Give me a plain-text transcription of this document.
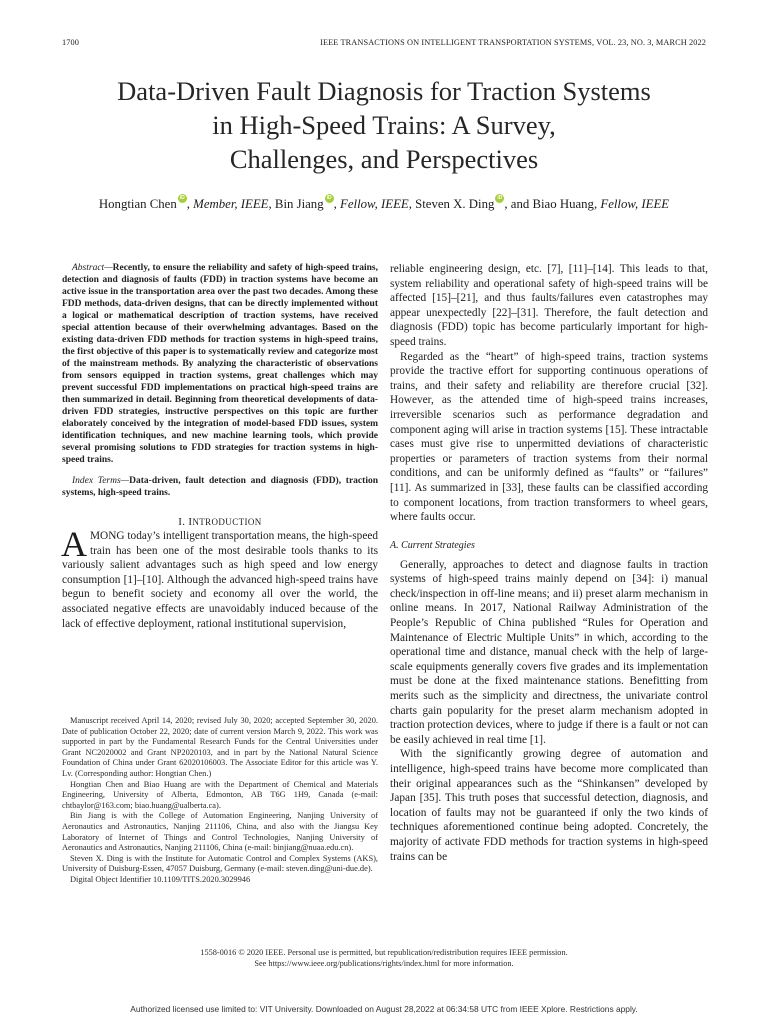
1700	IEEE TRANSACTIONS ON INTELLIGENT TRANSPORTATION SYSTEMS, VOL. 23, NO. 3, MARCH 2022
Data-Driven Fault Diagnosis for Traction Systems
in High-Speed Trains: A Survey,
Challenges, and Perspectives
Hongtian Chen iD , Member, IEEE, Bin Jiang iD , Fellow, IEEE, Steven X. Ding iD , and Biao Huang, Fellow, IEEE

Abstract—Recently, to ensure the reliability and safety of high-speed trains, detection and diagnosis of faults (FDD) in traction systems have become an active issue in the transportation area over the past two decades. Among these FDD methods, data-driven designs, that can be directly implemented without a logical or mathematical description of traction systems, have received special attention because of their overwhelming advantages. Based on the existing data-driven FDD methods for traction systems in high-speed trains, the first objective of this paper is to systematically review and categorize most of the mainstream methods. By analyzing the characteristic of observations from sensors equipped in traction systems, great challenges which may prevent successful FDD implementations on practical high-speed trains are then summarized in detail. Beginning from theoretical developments of data-driven FDD strategies, instructive perspectives on this topic are further elaborately conceived by the integration of model-based FDD issues, system identification techniques, and new machine learning tools, which provide several promising solutions to FDD strategies for traction systems in high-speed trains.

Index Terms—Data-driven, fault detection and diagnosis (FDD), traction systems, high-speed trains.

I. INTRODUCTION

AMONG today’s intelligent transportation means, the high-speed train has been one of the most desirable tools thanks to its variously salient advantages such as high speed and low energy consumption [1]–[10]. Although the advanced high-speed trains have begun to benefit society and economy all over the world, the associated negative effects are unavoidably induced because of the lack of effective deployment, rational institutional supervision,

Manuscript received April 14, 2020; revised July 30, 2020; accepted September 30, 2020. Date of publication October 22, 2020; date of current version March 9, 2022. This work was supported in part by the Fundamental Research Funds for the Central Universities under Grant NC2020002 and Grant NP2020103, and in part by the National Natural Science Foundation of China under Grant 62020106003. The Associate Editor for this article was Y. Lv. (Corresponding author: Hongtian Chen.)

Hongtian Chen and Biao Huang are with the Department of Chemical and Materials Engineering, University of Alberta, Edmonton, AB T6G 1H9, Canada (e-mail: chtbaylor@163.com; biao.huang@ualberta.ca).

Bin Jiang is with the College of Automation Engineering, Nanjing University of Aeronautics and Astronautics, Nanjing 211106, China, and also with the Jiangsu Key Laboratory of Internet of Things and Control Technologies, Nanjing University of Aeronautics and Astronautics, Nanjing 211106, China (e-mail: binjiang@nuaa.edu.cn).

Steven X. Ding is with the Institute for Automatic Control and Complex Systems (AKS), University of Duisburg-Essen, 47057 Duisburg, Germany (e-mail: steven.ding@uni-due.de).

Digital Object Identifier 10.1109/TITS.2020.3029946

reliable engineering design, etc. [7], [11]–[14]. This leads to that, system reliability and operational safety of high-speed trains will be affected [15]–[21], and thus faults/failures even catastrophes may appear unexpectedly [22]–[31]. Therefore, the fault detection and diagnosis (FDD) topic has become particularly important for high-speed trains.

Regarded as the “heart” of high-speed trains, traction systems provide the tractive effort for supporting continuous operations of trains, and their safety and reliability are therefore crucial [32]. However, as the attended time of high-speed trains increases, irreversible scenarios such as performance degradation and component aging will arise in traction systems [15]. These intractable cases must give rise to unpermitted deviations of characteristic properties or parameters of traction systems from their normal conditions, and can be uniformly defined as “faults” or “failures” [11]. As summarized in [33], these faults can be classified according to component locations, from traction transformers to wheel gears, where faults occur.

A. Current Strategies

Generally, approaches to detect and diagnose faults in traction systems of high-speed trains mainly depend on [34]: i) manual check/inspection in off-line means; and ii) preset alarm mechanism in online means. In 2017, National Railway Administration of the People’s Republic of China published “Rules for Operation and Maintenance of Electric Multiple Units” in which, according to the operational time and distance, manual check with the help of large-scale equipments generally covers five grades and its implementation must be done at the fixed maintenance stations. Benefitting from merits such as the simplicity and directness, the univariate control charts gain popularity for the preset alarm mechanism adopted in traction protection devices, where to judge if there is a fault or not can be easily achieved in real time [1].

With the significantly growing degree of automation and intelligence, high-speed trains have become more complicated than their original appearances such as the “Shinkansen” developed by Japan [35]. This truth poses that successful detection, diagnosis, and location of faults may not be guaranteed if only the two kinds of techniques aforementioned continue being adopted. Concretely, the majority of activate FDD methods for traction systems in high-speed trains can be

1558-0016 © 2020 IEEE. Personal use is permitted, but republication/redistribution requires IEEE permission.
See https://www.ieee.org/publications/rights/index.html for more information.
Authorized licensed use limited to: VIT University. Downloaded on August 28,2022 at 06:34:58 UTC from IEEE Xplore. Restrictions apply.
